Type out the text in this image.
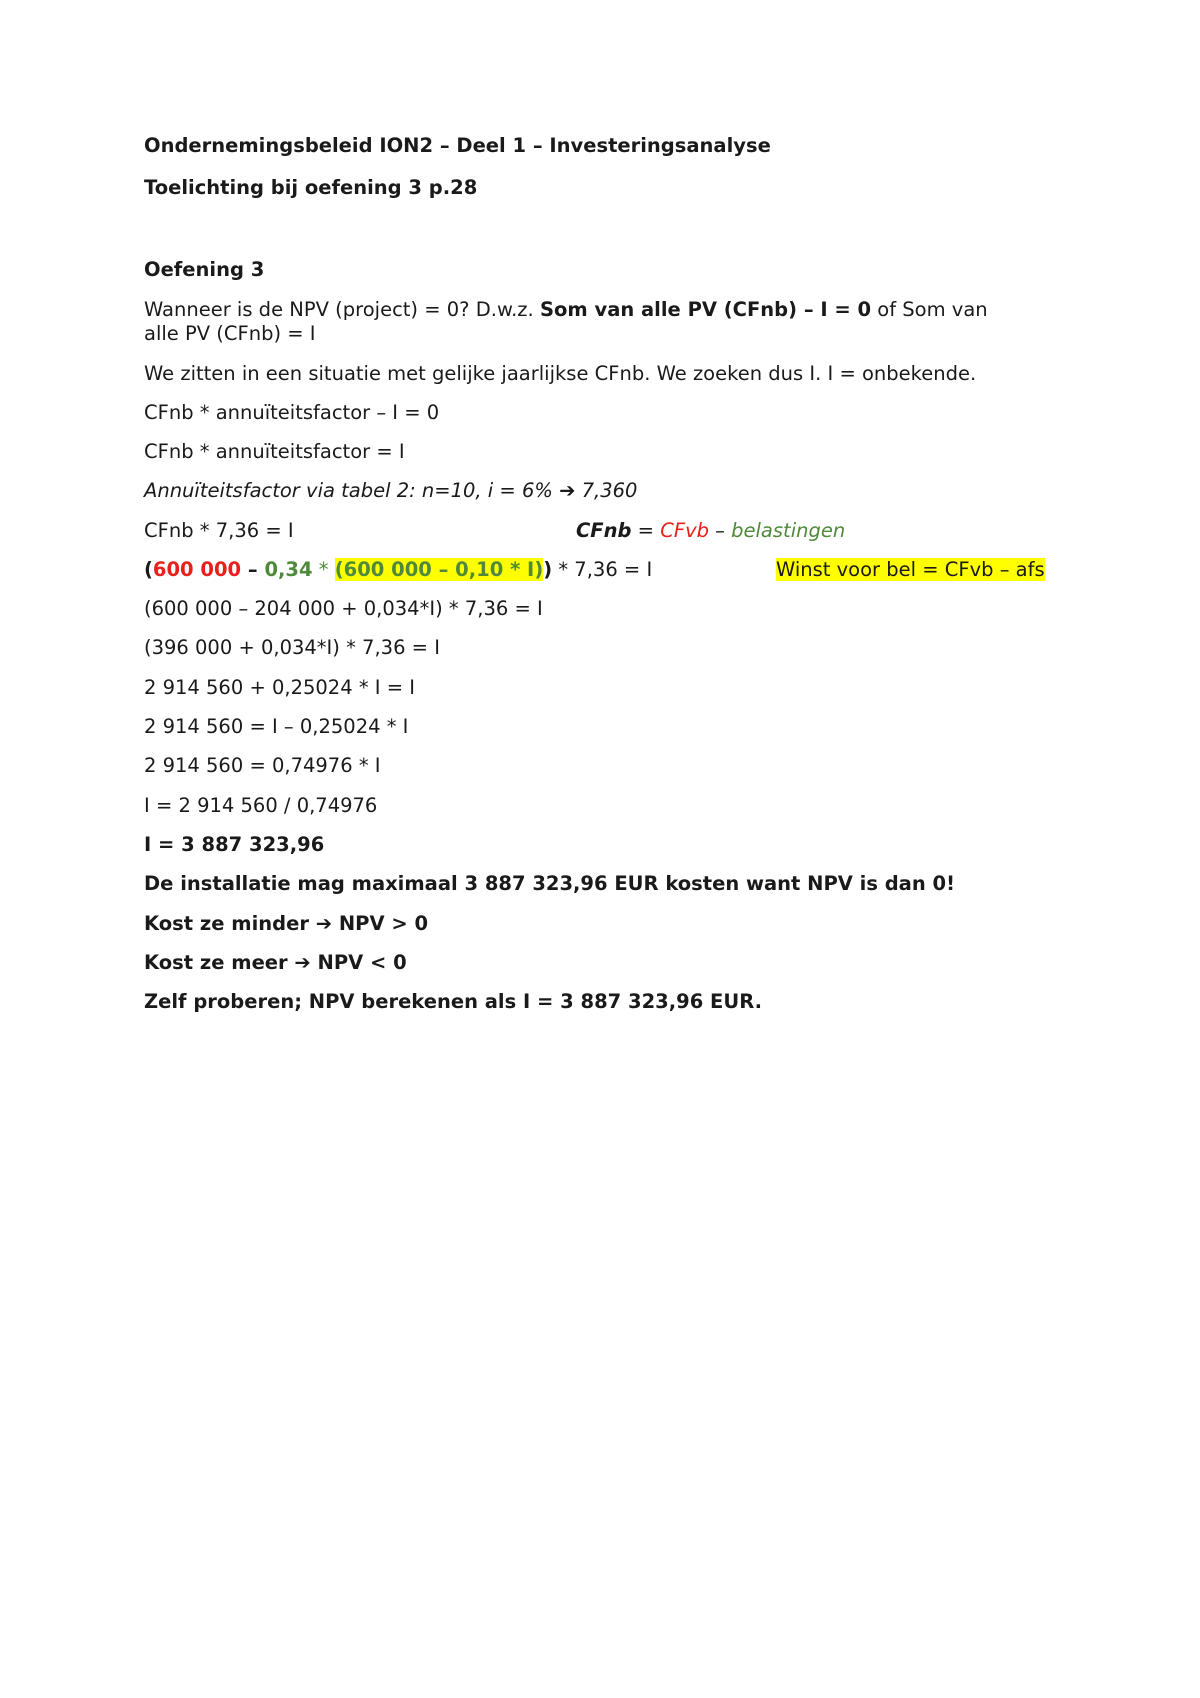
Ondernemingsbeleid ION2 – Deel 1 – Investeringsanalyse

Toelichting bij oefening 3 p.28

Oefening 3

Wanneer is de NPV (project) = 0? D.w.z. Som van alle PV (CFnb) – I = 0 of Som van

alle PV (CFnb) = I

We zitten in een situatie met gelijke jaarlijkse CFnb. We zoeken dus I. I = onbekende.

CFnb * annuïteitsfactor – I = 0

CFnb * annuïteitsfactor = I

Annuïteitsfactor via tabel 2: n=10, i = 6% ➔ 7,360

CFnb * 7,36 = I	CFnb = CFvb – belastingen

(600 000 – 0,34 * (600 000 – 0,10 * I)) * 7,36 = I	Winst voor bel = CFvb – afs

(600 000 – 204 000 + 0,034*I) * 7,36 = I

(396 000 + 0,034*I) * 7,36 = I

2 914 560 + 0,25024 * I = I

2 914 560 = I – 0,25024 * I

2 914 560 = 0,74976 * I

I = 2 914 560 / 0,74976

I = 3 887 323,96

De installatie mag maximaal 3 887 323,96 EUR kosten want NPV is dan 0!

Kost ze minder ➔ NPV > 0

Kost ze meer ➔ NPV < 0

Zelf proberen; NPV berekenen als I = 3 887 323,96 EUR.
